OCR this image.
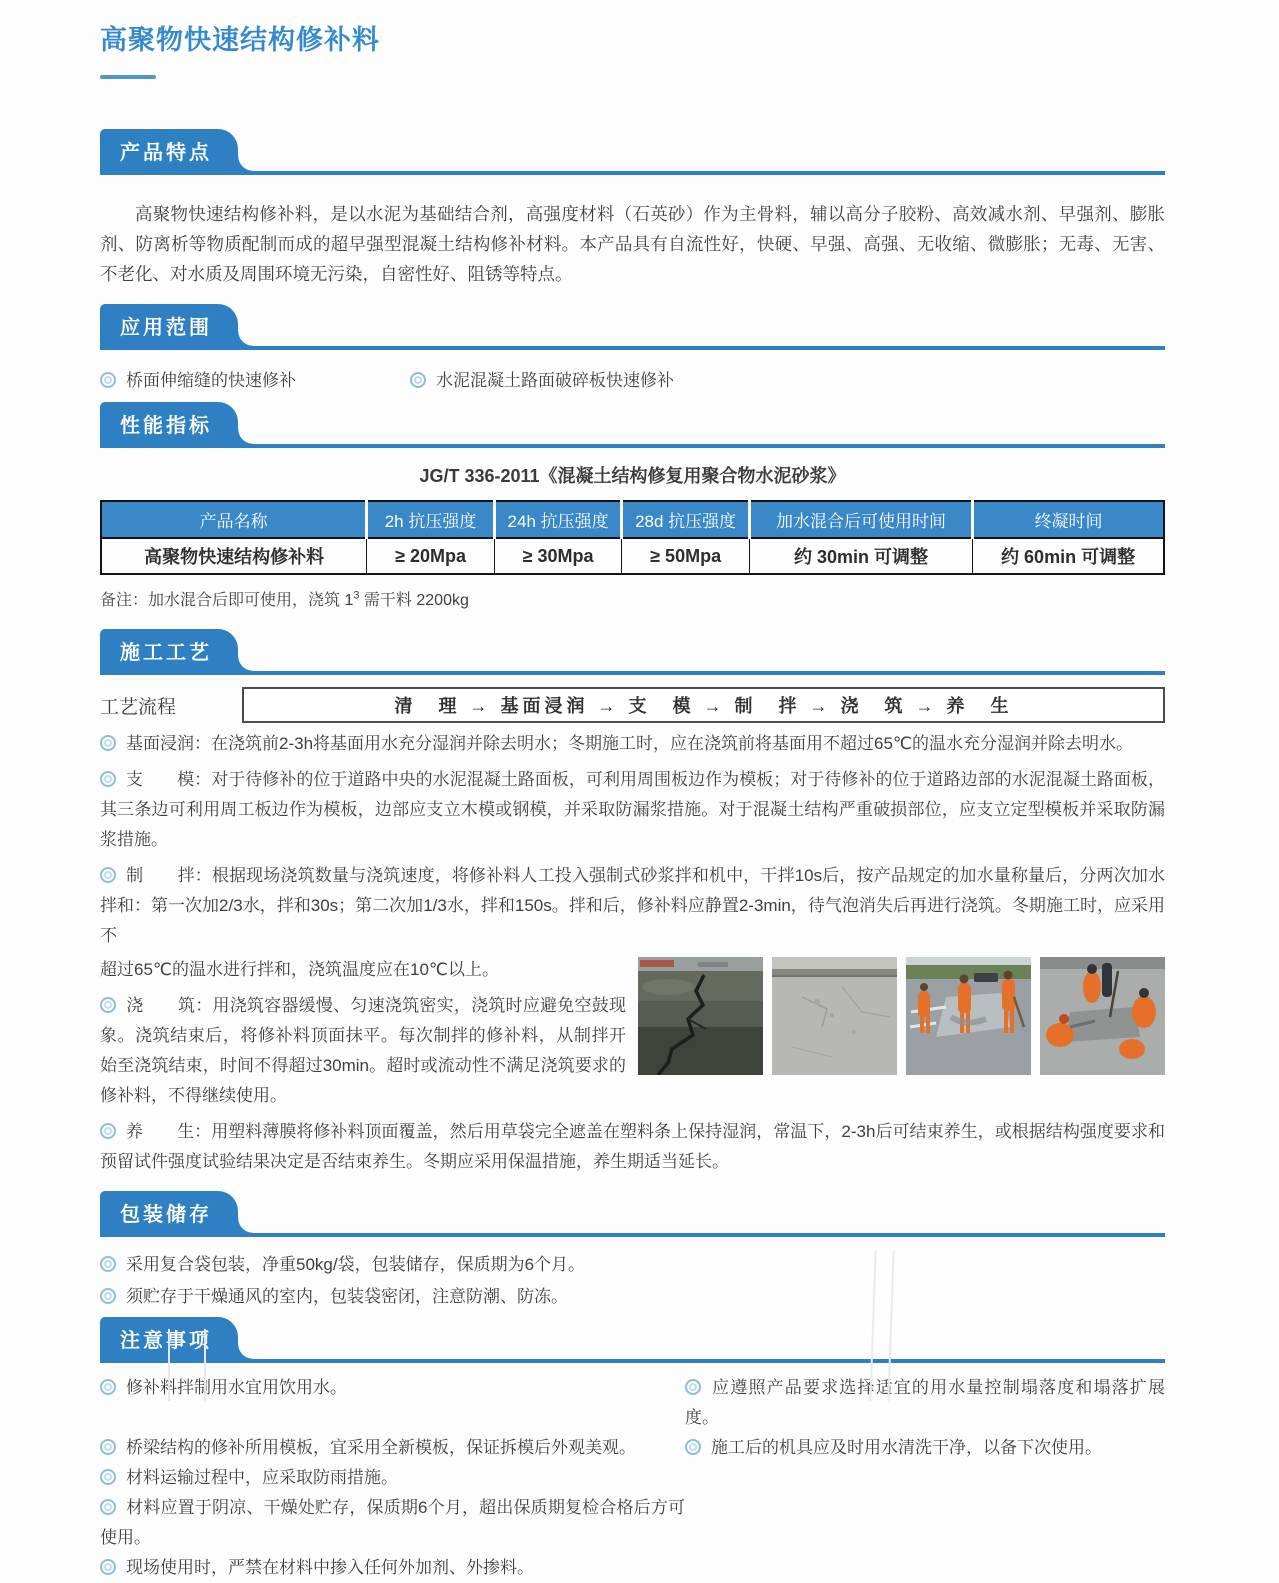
高聚物快速结构修补料
产品特点

高聚物快速结构修补料，是以水泥为基础结合剂，高强度材料（石英砂）作为主骨料，辅以高分子胶粉、高效减水剂、早强剂、膨胀剂、防离析等物质配制而成的超早强型混凝土结构修补材料。本产品具有自流性好，快硬、早强、高强、无收缩、微膨胀；无毒、无害、不老化、对水质及周围环境无污染，自密性好、阻锈等特点。

应用范围
桥面伸缩缝的快速修补	水泥混凝土路面破碎板快速修补
性能指标

JG/T 336-2011《混凝土结构修复用聚合物水泥砂浆》

产品名称	2h 抗压强度	24h 抗压强度	28d 抗压强度	加水混合后可使用时间	终凝时间
高聚物快速结构修补料	≥ 20Mpa	≥ 30Mpa	≥ 50Mpa	约 30min 可调整	约 60min 可调整

备注：加水混合后即可使用，浇筑 $1^3$ 需干料 2200kg

施工工艺
工艺流程	清　理 → 基面浸润 → 支　模 → 制　拌 → 浇　筑 → 养　生
基面浸润：在浇筑前2-3h将基面用水充分湿润并除去明水；冬期施工时，应在浇筑前将基面用不超过65℃的温水充分湿润并除去明水。
支　　模：对于待修补的位于道路中央的水泥混凝土路面板，可利用周围板边作为模板；对于待修补的位于道路边部的水泥混凝土路面板，其三条边可利用周工板边作为模板，边部应支立木模或钢模，并采取防漏浆措施。对于混凝土结构严重破损部位，应支立定型模板并采取防漏浆措施。
制　　拌：根据现场浇筑数量与浇筑速度，将修补料人工投入强制式砂浆拌和机中，干拌10s后，按产品规定的加水量称量后，分两次加水拌和：第一次加2/3水，拌和30s；第二次加1/3水，拌和150s。拌和后，修补料应静置2-3min，待气泡消失后再进行浇筑。冬期施工时，应采用不
超过65℃的温水进行拌和，浇筑温度应在10℃以上。
浇　　筑：用浇筑容器缓慢、匀速浇筑密实，浇筑时应避免空鼓现象。浇筑结束后，将修补料顶面抹平。每次制拌的修补料，从制拌开始至浇筑结束，时间不得超过30min。超时或流动性不满足浇筑要求的修补料，不得继续使用。
养　　生：用塑料薄膜将修补料顶面覆盖，然后用草袋完全遮盖在塑料条上保持湿润，常温下，2-3h后可结束养生，或根据结构强度要求和预留试件强度试验结果决定是否结束养生。冬期应采用保温措施，养生期适当延长。
包装储存
采用复合袋包装，净重50kg/袋，包装储存，保质期为6个月。
须贮存于干燥通风的室内，包装袋密闭，注意防潮、防冻。
注意事项
修补料拌制用水宜用饮用水。	应遵照产品要求选择适宜的用水量控制塌落度和塌落扩展度。
桥梁结构的修补所用模板，宜采用全新模板，保证拆模后外观美观。	施工后的机具应及时用水清洗干净，以备下次使用。
材料运输过程中，应采取防雨措施。
材料应置于阴凉、干燥处贮存，保质期6个月，超出保质期复检合格后方可使用。
现场使用时，严禁在材料中掺入任何外加剂、外掺料。
